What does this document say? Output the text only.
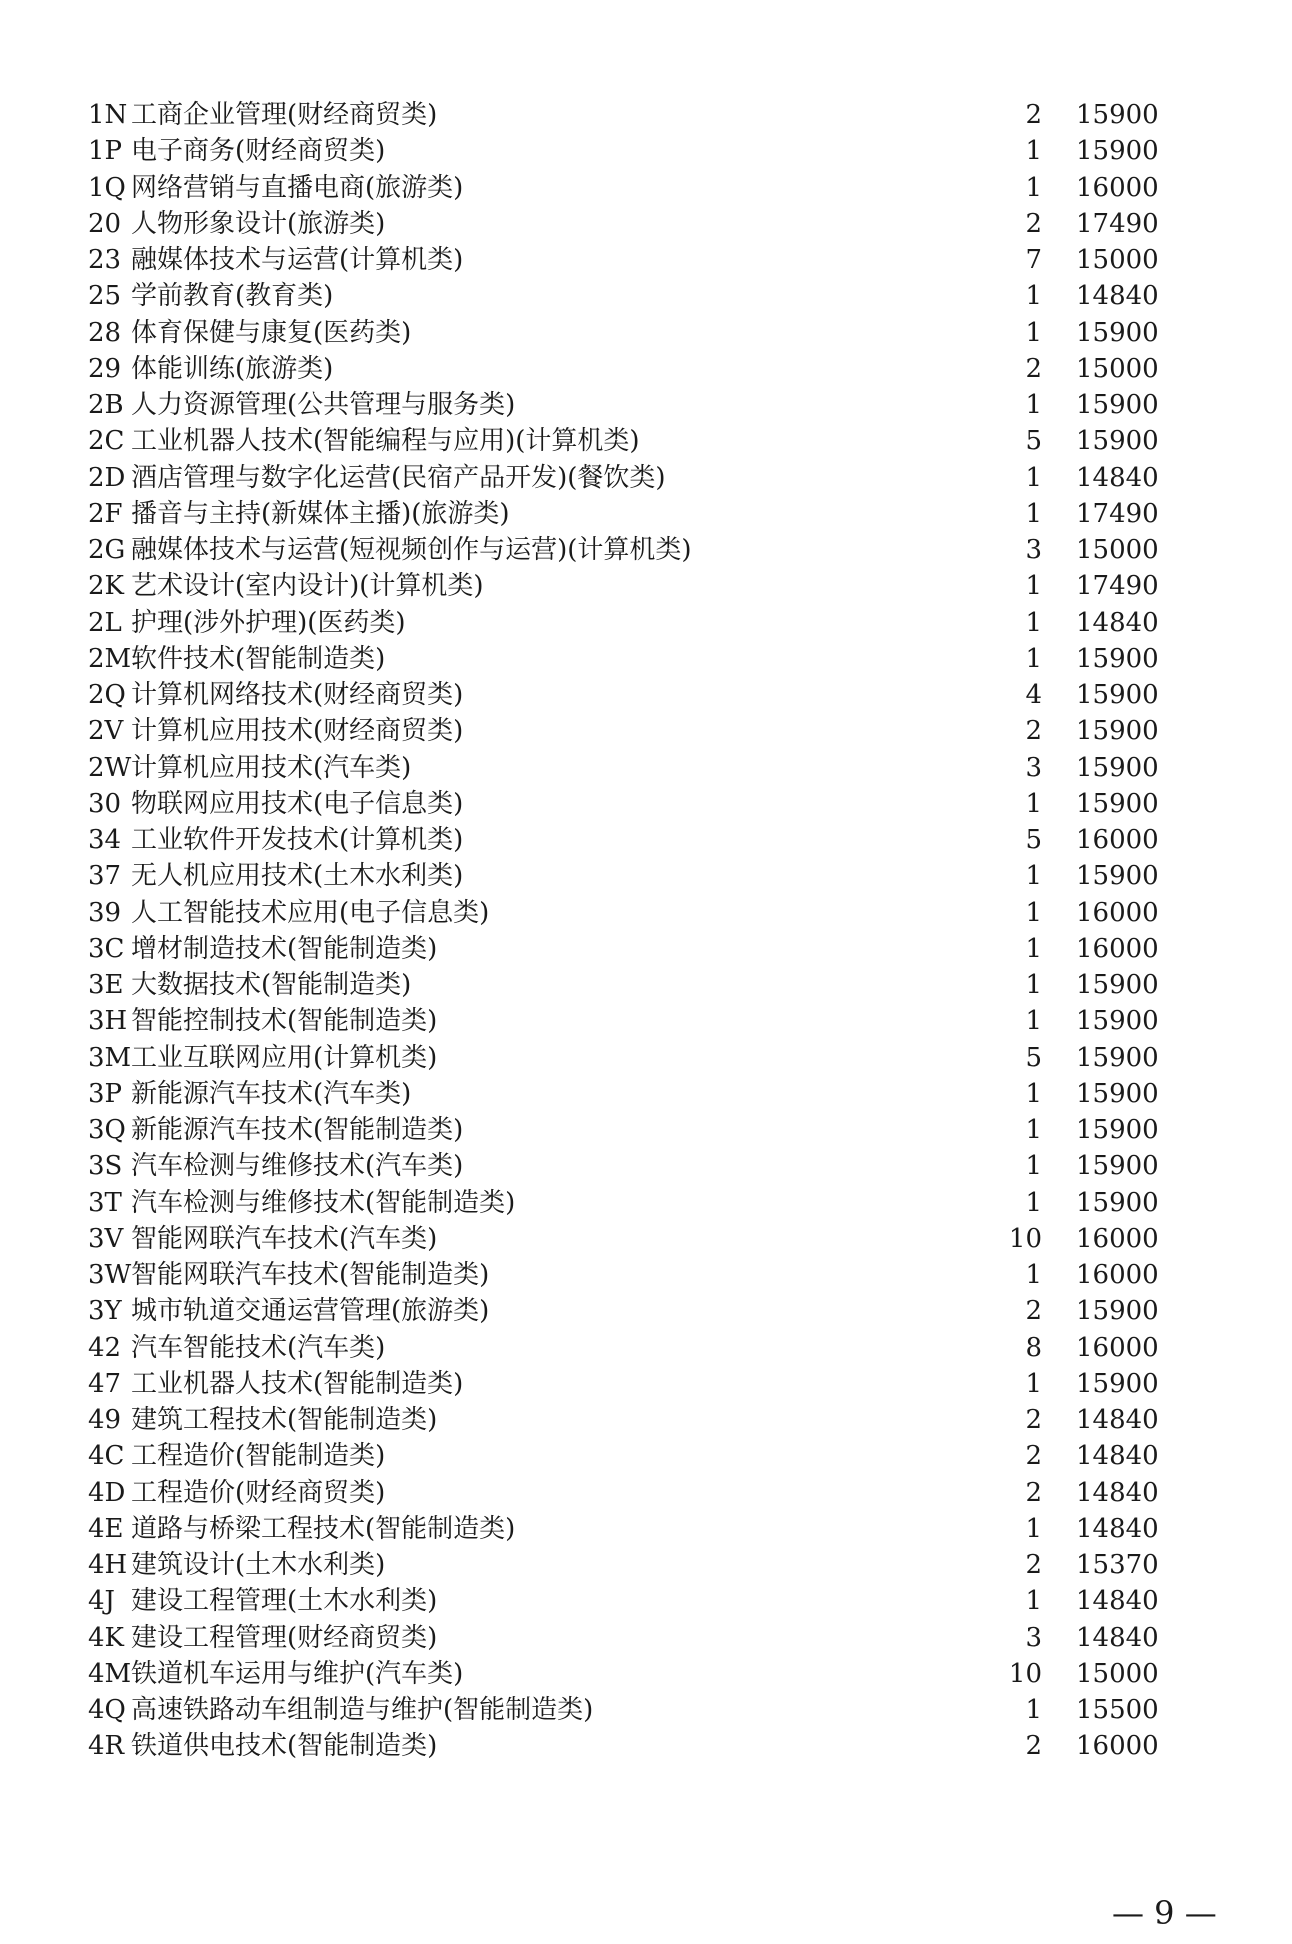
1N 工商企业管理(财经商贸类)	2 15900
1P 电子商务(财经商贸类)	1 15900
1Q 网络营销与直播电商(旅游类)	1 16000
20 人物形象设计(旅游类)	2 17490
23 融媒体技术与运营(计算机类)	7 15000
25 学前教育(教育类)	1 14840
28 体育保健与康复(医药类)	1 15900
29 体能训练(旅游类)	2 15000
2B 人力资源管理(公共管理与服务类)	1 15900
2C 工业机器人技术(智能编程与应用)(计算机类)	5 15900
2D 酒店管理与数字化运营(民宿产品开发)(餐饮类)	1 14840
2F 播音与主持(新媒体主播)(旅游类)	1 17490
2G 融媒体技术与运营(短视频创作与运营)(计算机类)	3 15000
2K 艺术设计(室内设计)(计算机类)	1 17490
2L 护理(涉外护理)(医药类)	1 14840
2M 软件技术(智能制造类)	1 15900
2Q 计算机网络技术(财经商贸类)	4 15900
2V 计算机应用技术(财经商贸类)	2 15900
2W 计算机应用技术(汽车类)	3 15900
30 物联网应用技术(电子信息类)	1 15900
34 工业软件开发技术(计算机类)	5 16000
37 无人机应用技术(土木水利类)	1 15900
39 人工智能技术应用(电子信息类)	1 16000
3C 增材制造技术(智能制造类)	1 16000
3E 大数据技术(智能制造类)	1 15900
3H 智能控制技术(智能制造类)	1 15900
3M 工业互联网应用(计算机类)	5 15900
3P 新能源汽车技术(汽车类)	1 15900
3Q 新能源汽车技术(智能制造类)	1 15900
3S 汽车检测与维修技术(汽车类)	1 15900
3T 汽车检测与维修技术(智能制造类)	1 15900
3V 智能网联汽车技术(汽车类)	10 16000
3W 智能网联汽车技术(智能制造类)	1 16000
3Y 城市轨道交通运营管理(旅游类)	2 15900
42 汽车智能技术(汽车类)	8 16000
47 工业机器人技术(智能制造类)	1 15900
49 建筑工程技术(智能制造类)	2 14840
4C 工程造价(智能制造类)	2 14840
4D 工程造价(财经商贸类)	2 14840
4E 道路与桥梁工程技术(智能制造类)	1 14840
4H 建筑设计(土木水利类)	2 15370
4J 建设工程管理(土木水利类)	1 14840
4K 建设工程管理(财经商贸类)	3 14840
4M 铁道机车运用与维护(汽车类)	10 15000
4Q 高速铁路动车组制造与维护(智能制造类)	1 15500
4R 铁道供电技术(智能制造类)	2 16000
— 9 —
